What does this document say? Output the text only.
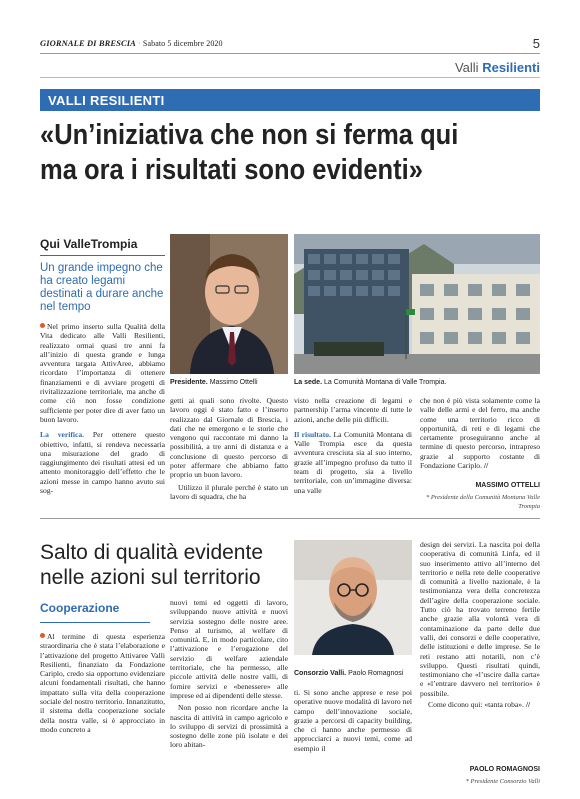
GIORNALE DI BRESCIA · Sabato 5 dicembre 2020	5
Valli Resilienti
VALLI RESILIENTI
«Un’iniziativa che non si ferma qui ma ora i risultati sono evidenti»
Qui ValleTrompia
Un grande impegno che ha creato legami destinati a durare anche nel tempo
Presidente. Massimo Ottelli	La sede. La Comunità Montana di Valle Trompia.
Nel primo inserto sulla Qualità della Vita dedicato alle Valli Resilienti, realizzato ormai quasi tre anni fa all’inizio di questa grande e lunga avventura targata AttivAree, abbiamo ricordato l’importanza di ottenere finanziamenti e di avviare progetti di rivitalizzazione territoriale, ma anche di come ciò non fosse condizione sufficiente per poter dire di aver fatto un buon lavoro.

La verifica. Per ottenere questo obiettivo, infatti, si rendeva necessaria una misurazione del grado di raggiungimento dei risultati attesi ed un attento monitoraggio dell’effetto che le azioni messe in campo hanno avuto sui sog-

getti ai quali sono rivolte. Questo lavoro oggi è stato fatto e l’inserto realizzato dal Giornale di Brescia, i dati che ne emergono e le storie che vengono qui raccontate mi danno la possibilità, a tre anni di distanza e a conclusione di questo percorso di poter affermare che abbiamo fatto proprio un buon lavoro.

Utilizzo il plurale perché è stato un lavoro di squadra, che ha

visto nella creazione di legami e partnership l’arma vincente di tutte le azioni, anche delle più difficili.

Il risultato. La Comunità Montana di Valle Trompia esce da questa avventura cresciuta sia al suo interno, grazie all’impegno profuso da tutto il team di progetto, sia a livello territoriale, con un’immagine diversa: una valle

che non è più vista solamente come la valle delle armi e del ferro, ma anche come una territorio ricco di opportunità, di reti e di legami che certamente proseguiranno anche al termine di questo percorso, intrapreso grazie al supporto costante di Fondazione Cariplo. //
MASSIMO OTTELLI
* Presidente della Comunità Montana Valle Trompia
Salto di qualità evidente nelle azioni sul territorio
Cooperazione
Al termine di questa esperienza straordinaria che è stata l’elaborazione e l’attivazione del progetto Attivaree Valli Resilienti, finanziato da Fondazione Cariplo, credo sia opportuno evidenziare alcuni fondamentali risultati, che hanno impattato sulla vita della cooperazione sociale del nostro territorio. Innanzitutto, il sistema della cooperazione sociale della nostra valle, si è approcciato in modo concreto a

nuovi temi ed oggetti di lavoro, sviluppando nuove attività e nuovi servizia sostegno delle nostre aree. Penso al turismo, al welfare di comunità. E, in modo particolare, cito l’attivazione e l’erogazione del servizio di welfare aziendale territoriale, che ha permesso, alle piccole attività delle nostre valli, di fornire servizi e «benessere» alle imprese ed ai dipendenti delle stesse.

Non posso non ricordare anche la nascita di attività in campo agricolo e lo sviluppo di servizi di prossimità a sostegno delle zone più isolate e dei loro abitan-

Consorzio Valli. Paolo Romagnosi

ti. Si sono anche apprese e rese poi operative nuove modalità di lavoro nel campo dell’innovazione sociale, grazie a percorsi di capacity building, che ci hanno anche permesso di approcciarci a nuovi temi, come ad esempio il

design dei servizi. La nascita poi della cooperativa di comunità Linfa, ed il suo inserimento attivo all’interno del territorio e nella rete delle cooperative di comunità a livello nazionale, è la testimonianza vera della concretezza dell’agire della cooperazione sociale. Tutto ciò ha trovato terreno fertile anche grazie alla volontà vera di contaminazione da parte delle due valli, dei consorzi e delle cooperative, delle istituzioni e delle imprese. Se le reti restano atti notarili, non c’è sviluppo. Questi risultati quindi, testimoniano che «l’uscire dalla carta» e «l’entrare davvero nel territorio» è possibile.

Come dicono qui: «tanta roba». //

PAOLO ROMAGNOSI
* Presidente Consorzio Valli
